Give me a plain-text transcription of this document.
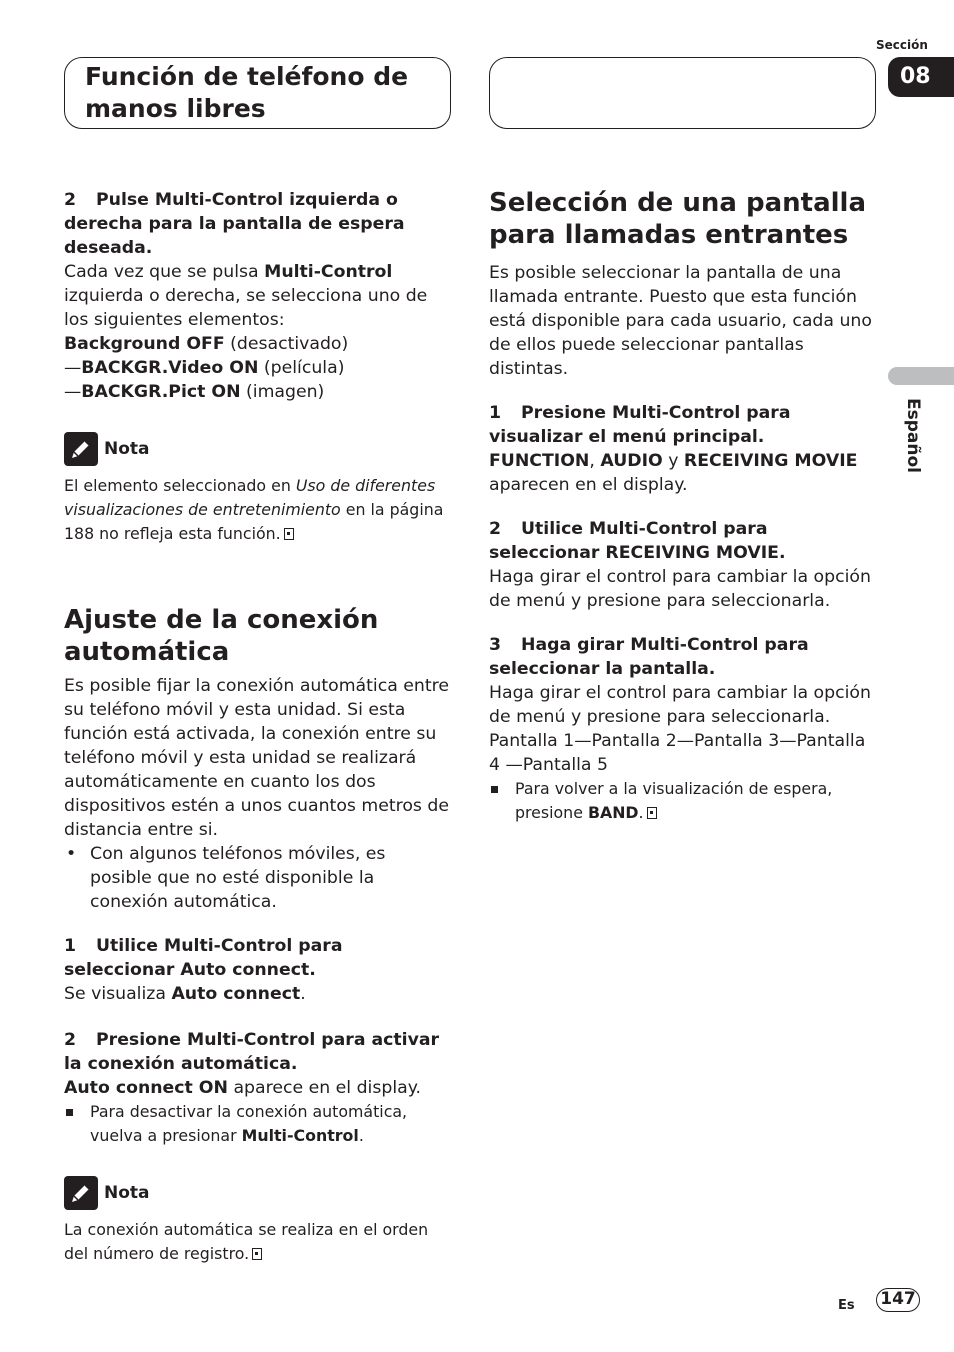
Función de teléfono de manos libres
Sección
08
Español

2 Pulse Multi-Control izquierda o derecha para la pantalla de espera deseada.

Cada vez que se pulsa Multi-Control izquierda o derecha, se selecciona uno de los siguientes elementos:

Background OFF (desactivado)

—BACKGR.Video ON (película)

—BACKGR.Pict ON (imagen)

Nota

El elemento seleccionado en Uso de diferentes visualizaciones de entretenimiento en la página 188 no refleja esta función.

Ajuste de la conexión automática

Es posible fijar la conexión automática entre su teléfono móvil y esta unidad. Si esta función está activada, la conexión entre su teléfono móvil y esta unidad se realizará automáticamente en cuanto los dos dispositivos estén a unos cuantos metros de distancia entre si.

• Con algunos teléfonos móviles, es posible que no esté disponible la conexión automática.

1 Utilice Multi-Control para seleccionar Auto connect.

Se visualiza Auto connect.

2 Presione Multi-Control para activar la conexión automática.

Auto connect ON aparece en el display.

Para desactivar la conexión automática, vuelva a presionar Multi-Control.

Nota

La conexión automática se realiza en el orden del número de registro.

Selección de una pantalla para llamadas entrantes

Es posible seleccionar la pantalla de una llamada entrante. Puesto que esta función está disponible para cada usuario, cada uno de ellos puede seleccionar pantallas distintas.

1 Presione Multi-Control para visualizar el menú principal.

FUNCTION, AUDIO y RECEIVING MOVIE aparecen en el display.

2 Utilice Multi-Control para seleccionar RECEIVING MOVIE.

Haga girar el control para cambiar la opción de menú y presione para seleccionarla.

3 Haga girar Multi-Control para seleccionar la pantalla.

Haga girar el control para cambiar la opción de menú y presione para seleccionarla.

Pantalla 1—Pantalla 2—Pantalla 3—Pantalla 4 —Pantalla 5

Para volver a la visualización de espera, presione BAND.

Es 147
